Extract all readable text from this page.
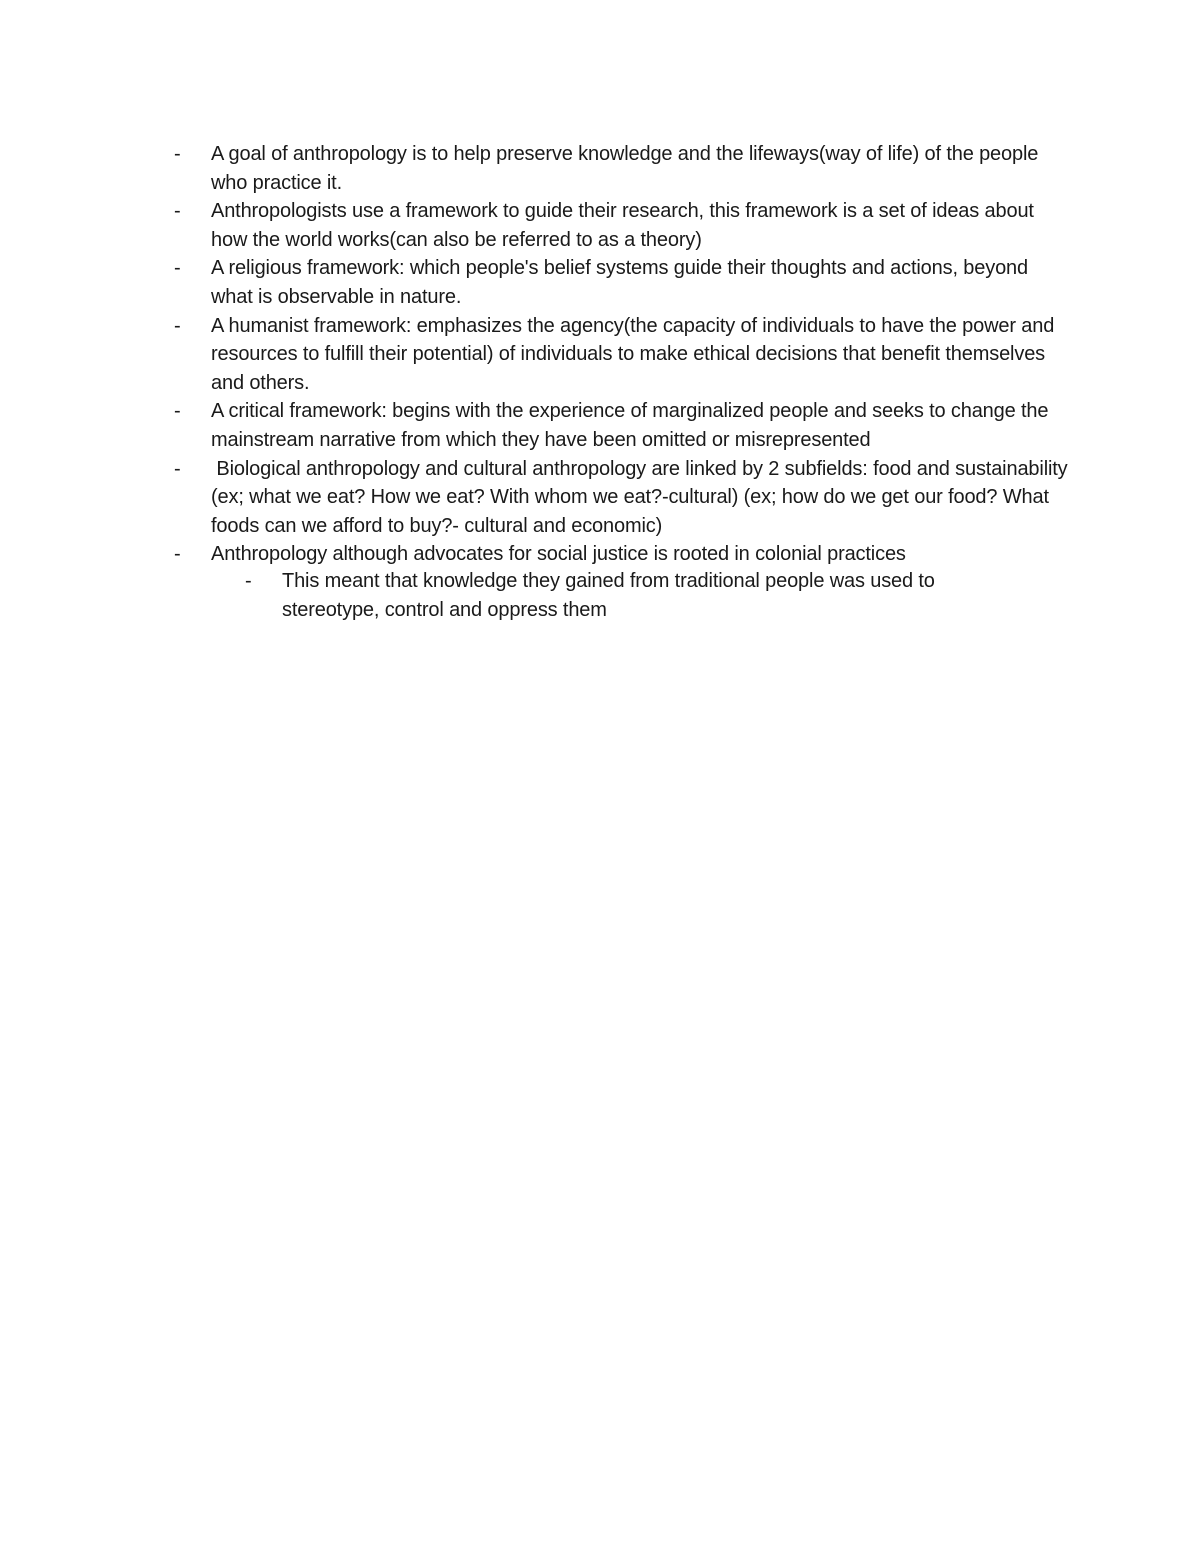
-	A goal of anthropology is to help preserve knowledge and the lifeways(way of life) of the people who practice it.
-	Anthropologists use a framework to guide their research, this framework is a set of ideas about how the world works(can also be referred to as a theory)
-	A religious framework: which people's belief systems guide their thoughts and actions, beyond what is observable in nature.
-	A humanist framework: emphasizes the agency(the capacity of individuals to have the power and resources to fulfill their potential) of individuals to make ethical decisions that benefit themselves and others.
-	A critical framework: begins with the experience of marginalized people and seeks to change the mainstream narrative from which they have been omitted or misrepresented
-	Biological anthropology and cultural anthropology are linked by 2 subfields: food and sustainability (ex; what we eat? How we eat? With whom we eat?-cultural) (ex; how do we get our food? What foods can we afford to buy?- cultural and economic)
-	Anthropology although advocates for social justice is rooted in colonial practices
-	This meant that knowledge they gained from traditional people was used to stereotype, control and oppress them
